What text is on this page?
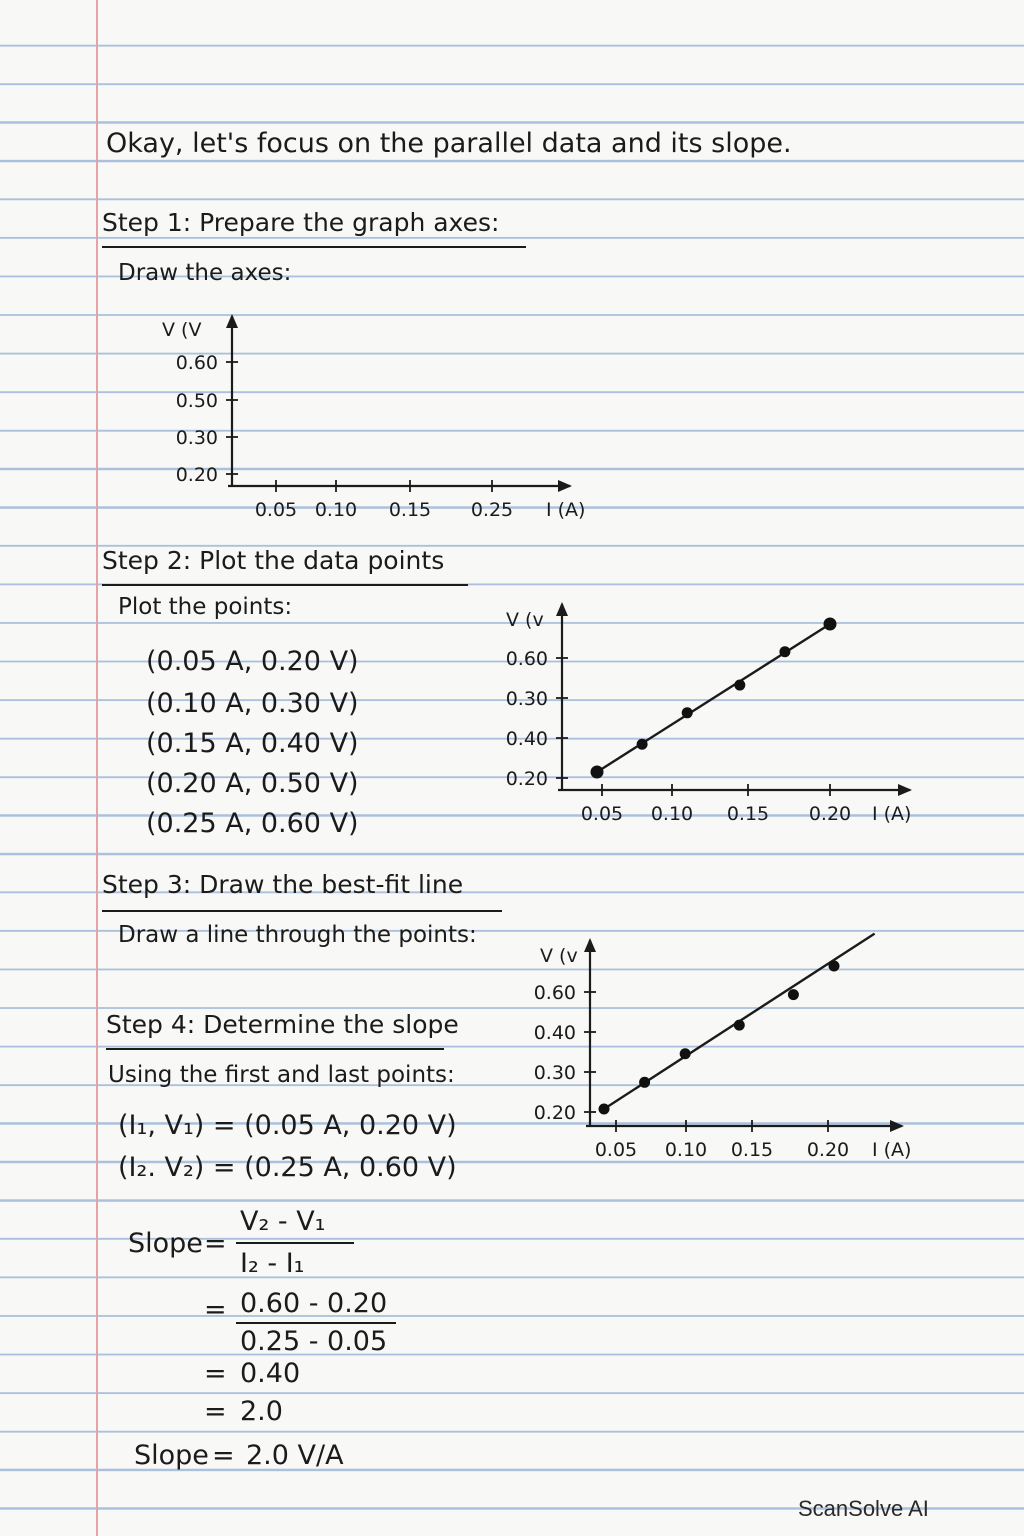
Okay, let's focus on the parallel data and its slope.
Step 1: Prepare the graph axes:
Draw the axes:
V (V
I (A)
0.05 0.10 0.15 0.25
0.60
0.50
0.30
0.20
Step 2: Plot the data points
Plot the points:
(0.05 A, 0.20 V)
(0.10 A, 0.30 V)
(0.15 A, 0.40 V)
(0.20 A, 0.50 V)
(0.25 A, 0.60 V)
V (v
I (A)
0.05 0.10 0.15 0.20
0.60
0.30
0.40
0.20
Step 3: Draw the best-fit line
Draw a line through the points:
V (v
I (A)
0.05 0.10 0.15 0.20
0.60
0.40
0.30
0.20
Step 4: Determine the slope
Using the first and last points:
(I₁, V₁) = (0.05 A, 0.20 V)
(I₂. V₂) = (0.25 A, 0.60 V)
Slope =
V₂ - V₁
I₂ - I₁
= 0.60 - 0.20
0.25 - 0.05
= 0.40
= 2.0
Slope = 2.0 V/A
ScanSolve AI
